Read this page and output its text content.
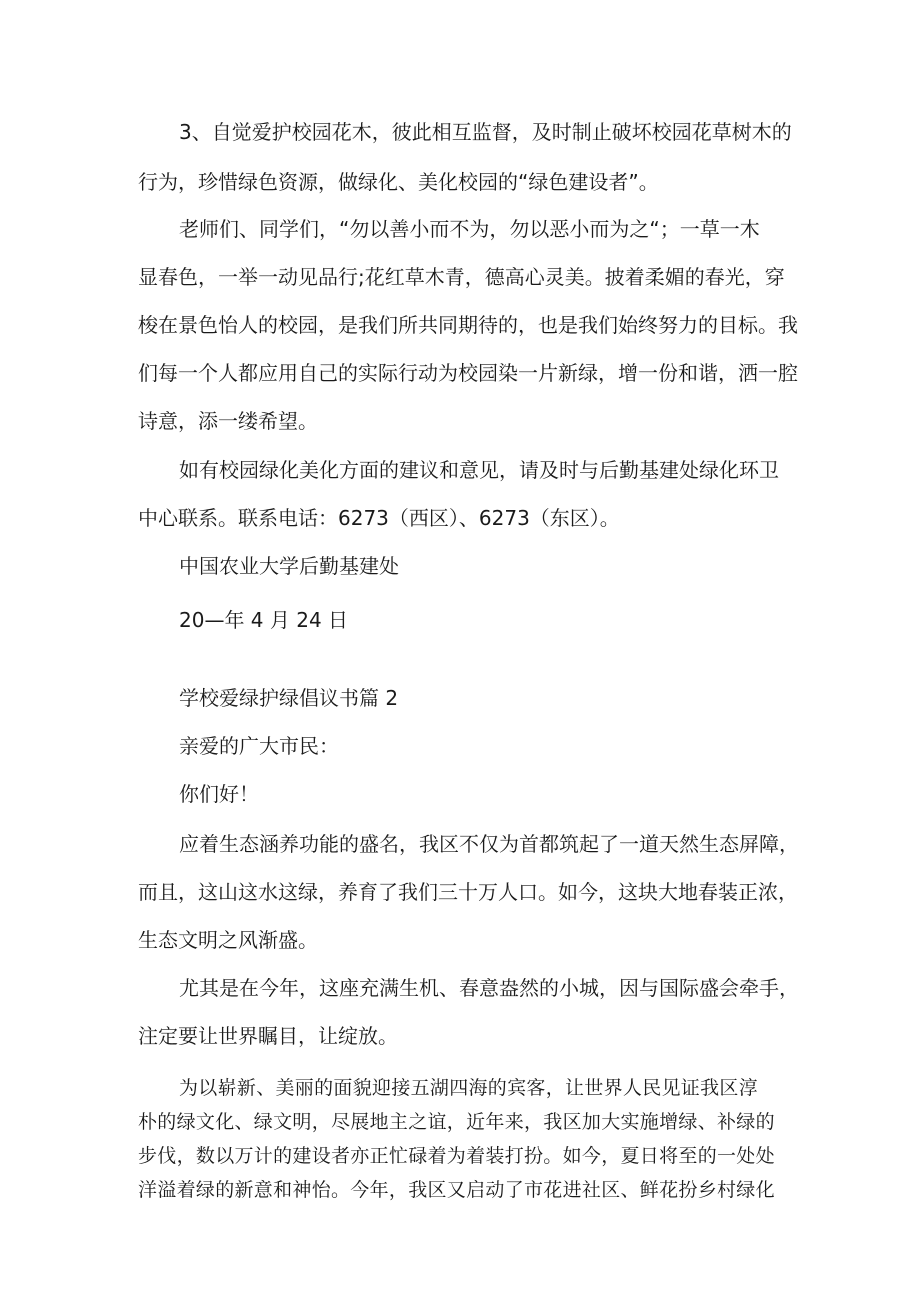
3、自觉爱护校园花木，彼此相互监督，及时制止破坏校园花草树木的
行为，珍惜绿色资源，做绿化、美化校园的“绿色建设者”。
老师们、同学们，“勿以善小而不为，勿以恶小而为之“；一草一木
显春色，一举一动见品行;花红草木青，德高心灵美。披着柔媚的春光，穿
梭在景色怡人的校园，是我们所共同期待的，也是我们始终努力的目标。我
们每一个人都应用自己的实际行动为校园染一片新绿，增一份和谐，洒一腔
诗意，添一缕希望。
如有校园绿化美化方面的建议和意见，请及时与后勤基建处绿化环卫
中心联系。联系电话：6273（西区）、6273（东区）。
中国农业大学后勤基建处
20—年 4 月 24 日
学校爱绿护绿倡议书篇 2
亲爱的广大市民：
你们好！
应着生态涵养功能的盛名，我区不仅为首都筑起了一道天然生态屏障，
而且，这山这水这绿，养育了我们三十万人口。如今，这块大地春装正浓，
生态文明之风渐盛。
尤其是在今年，这座充满生机、春意盎然的小城，因与国际盛会牵手，
注定要让世界瞩目，让绽放。
为以崭新、美丽的面貌迎接五湖四海的宾客，让世界人民见证我区淳
朴的绿文化、绿文明，尽展地主之谊，近年来，我区加大实施增绿、补绿的
步伐，数以万计的建设者亦正忙碌着为着装打扮。如今，夏日将至的一处处
洋溢着绿的新意和神怡。今年，我区又启动了市花进社区、鲜花扮乡村绿化
